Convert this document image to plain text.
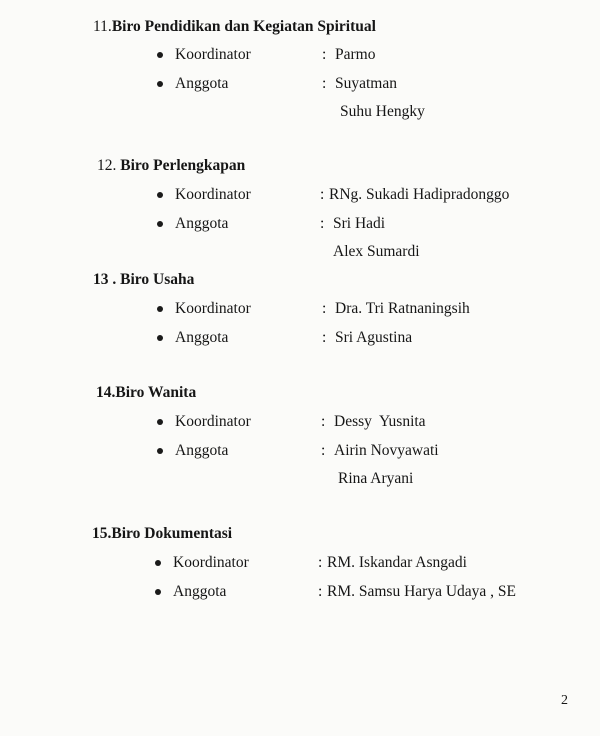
11.Biro Pendidikan dan Kegiatan Spiritual
Koordinator	: Parmo
Anggota	: Suyatman
Suhu Hengky
12. Biro Perlengkapan
Koordinator	: RNg. Sukadi Hadipradonggo
Anggota	: Sri Hadi
Alex Sumardi
13 . Biro Usaha
Koordinator	: Dra. Tri Ratnaningsih
Anggota	: Sri Agustina
14.Biro Wanita
Koordinator	: Dessy  Yusnita
Anggota	: Airin Novyawati
Rina Aryani
15.Biro Dokumentasi
Koordinator	: RM. Iskandar Asngadi
Anggota	: RM. Samsu Harya Udaya , SE
2
